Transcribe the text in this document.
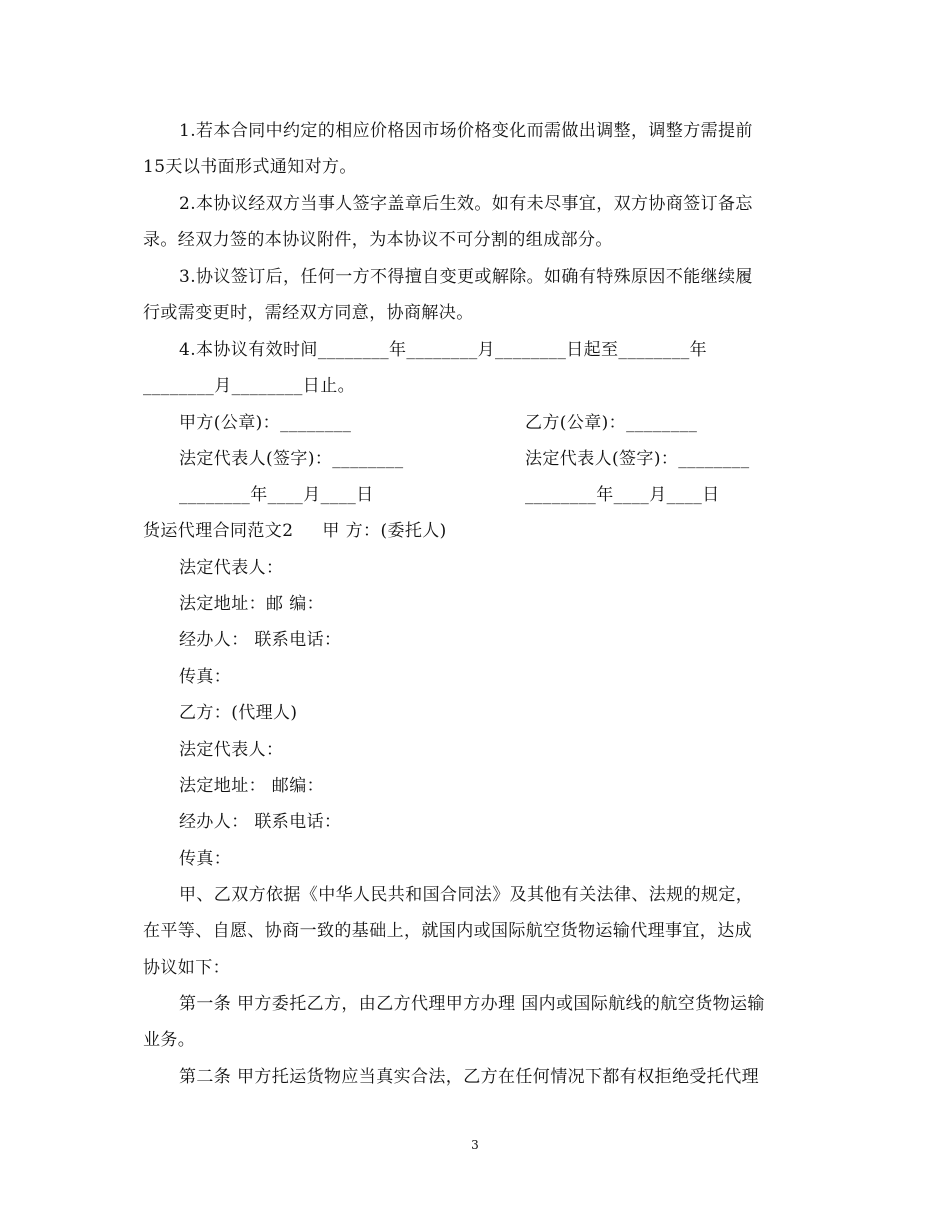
1.若本合同中约定的相应价格因市场价格变化而需做出调整，调整方需提前
15天以书面形式通知对方。
2.本协议经双方当事人签字盖章后生效。如有未尽事宜，双方协商签订备忘
录。经双力签的本协议附件，为本协议不可分割的组成部分。
3.协议签订后，任何一方不得擅自变更或解除。如确有特殊原因不能继续履
行或需变更时，需经双方同意，协商解决。
4.本协议有效时间________年________月________日起至________年
________月________日止。
甲方(公章)：________	乙方(公章)：________
法定代表人(签字)：________	法定代表人(签字)：________
________年____月____日	________年____月____日
货运代理合同范文2     甲 方：(委托人)
法定代表人：
法定地址：邮 编：
经办人： 联系电话：
传真：
乙方：(代理人)
法定代表人：
法定地址： 邮编：
经办人： 联系电话：
传真：
甲、乙双方依据《中华人民共和国合同法》及其他有关法律、法规的规定，
在平等、自愿、协商一致的基础上，就国内或国际航空货物运输代理事宜，达成
协议如下：
第一条 甲方委托乙方，由乙方代理甲方办理 国内或国际航线的航空货物运输
业务。
第二条 甲方托运货物应当真实合法，乙方在任何情况下都有权拒绝受托代理
3
